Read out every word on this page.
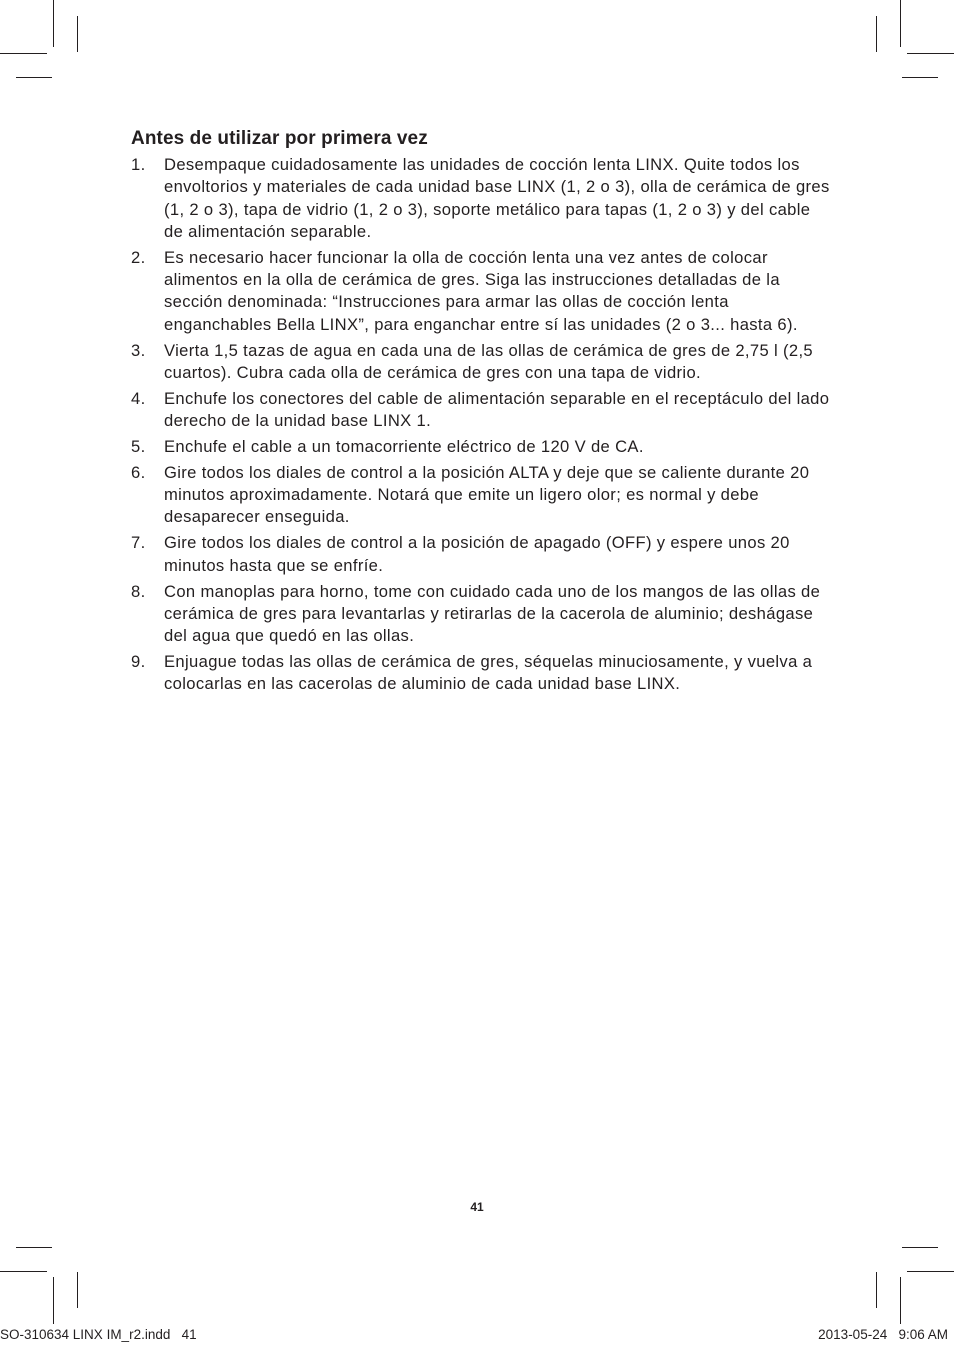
Antes de utilizar por primera vez
1. Desempaque cuidadosamente las unidades de cocción lenta LINX. Quite todos los envoltorios y materiales de cada unidad base LINX (1, 2 o 3), olla de cerámica de gres (1, 2 o 3), tapa de vidrio (1, 2 o 3), soporte metálico para tapas (1, 2 o 3) y del cable de alimentación separable.
2. Es necesario hacer funcionar la olla de cocción lenta una vez antes de colocar alimentos en la olla de cerámica de gres. Siga las instrucciones detalladas de la sección denominada: “Instrucciones para armar las ollas de cocción lenta enganchables Bella LINX”, para enganchar entre sí las unidades (2 o 3... hasta 6).
3. Vierta 1,5 tazas de agua en cada una de las ollas de cerámica de gres de 2,75 l (2,5 cuartos). Cubra cada olla de cerámica de gres con una tapa de vidrio.
4. Enchufe los conectores del cable de alimentación separable en el receptáculo del lado derecho de la unidad base LINX 1.
5. Enchufe el cable a un tomacorriente eléctrico de 120 V de CA.
6. Gire todos los diales de control a la posición ALTA y deje que se caliente durante 20 minutos aproximadamente. Notará que emite un ligero olor; es normal y debe desaparecer enseguida.
7. Gire todos los diales de control a la posición de apagado (OFF) y espere unos 20 minutos hasta que se enfríe.
8. Con manoplas para horno, tome con cuidado cada uno de los mangos de las ollas de cerámica de gres para levantarlas y retirarlas de la cacerola de aluminio; deshágase del agua que quedó en las ollas.
9. Enjuague todas las ollas de cerámica de gres, séquelas minuciosamente, y vuelva a colocarlas en las cacerolas de aluminio de cada unidad base LINX.
41
SO-310634 LINX IM_r2.indd   41	2013-05-24   9:06 AM
